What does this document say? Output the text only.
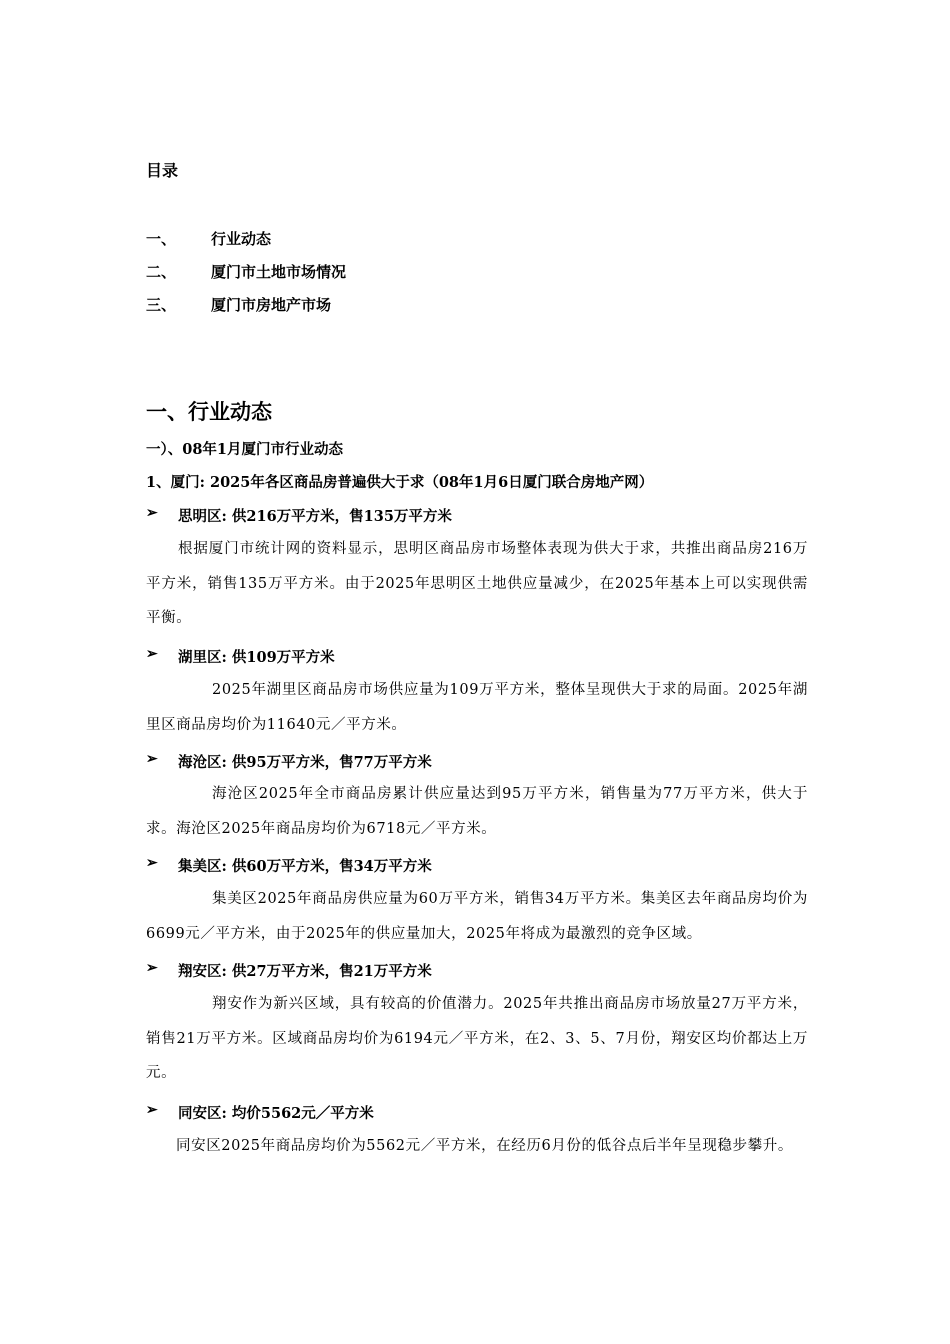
目录
一、 行业动态
二、 厦门市土地市场情况
三、 厦门市房地产市场
一、行业动态
一）、08年1月厦门市行业动态
1、厦门: 2025年各区商品房普遍供大于求（08年1月6日厦门联合房地产网）
➢ 思明区: 供216万平方米，售135万平方米
根据厦门市统计网的资料显示，思明区商品房市场整体表现为供大于求，共推出商品房216万平方米，销售135万平方米。由于2025年思明区土地供应量减少，在2025年基本上可以实现供需平衡。
➢ 湖里区: 供109万平方米
2025年湖里区商品房市场供应量为109万平方米，整体呈现供大于求的局面。2025年湖里区商品房均价为11640元／平方米。
➢ 海沧区: 供95万平方米，售77万平方米
海沧区2025年全市商品房累计供应量达到95万平方米，销售量为77万平方米，供大于求。海沧区2025年商品房均价为6718元／平方米。
➢ 集美区: 供60万平方米，售34万平方米
集美区2025年商品房供应量为60万平方米，销售34万平方米。集美区去年商品房均价为6699元／平方米，由于2025年的供应量加大，2025年将成为最激烈的竞争区域。
➢ 翔安区: 供27万平方米，售21万平方米
翔安作为新兴区域，具有较高的价值潜力。2025年共推出商品房市场放量27万平方米，销售21万平方米。区域商品房均价为6194元／平方米，在2、3、5、7月份，翔安区均价都达上万元。
➢ 同安区: 均价5562元／平方米
同安区2025年商品房均价为5562元／平方米，在经历6月份的低谷点后半年呈现稳步攀升。
